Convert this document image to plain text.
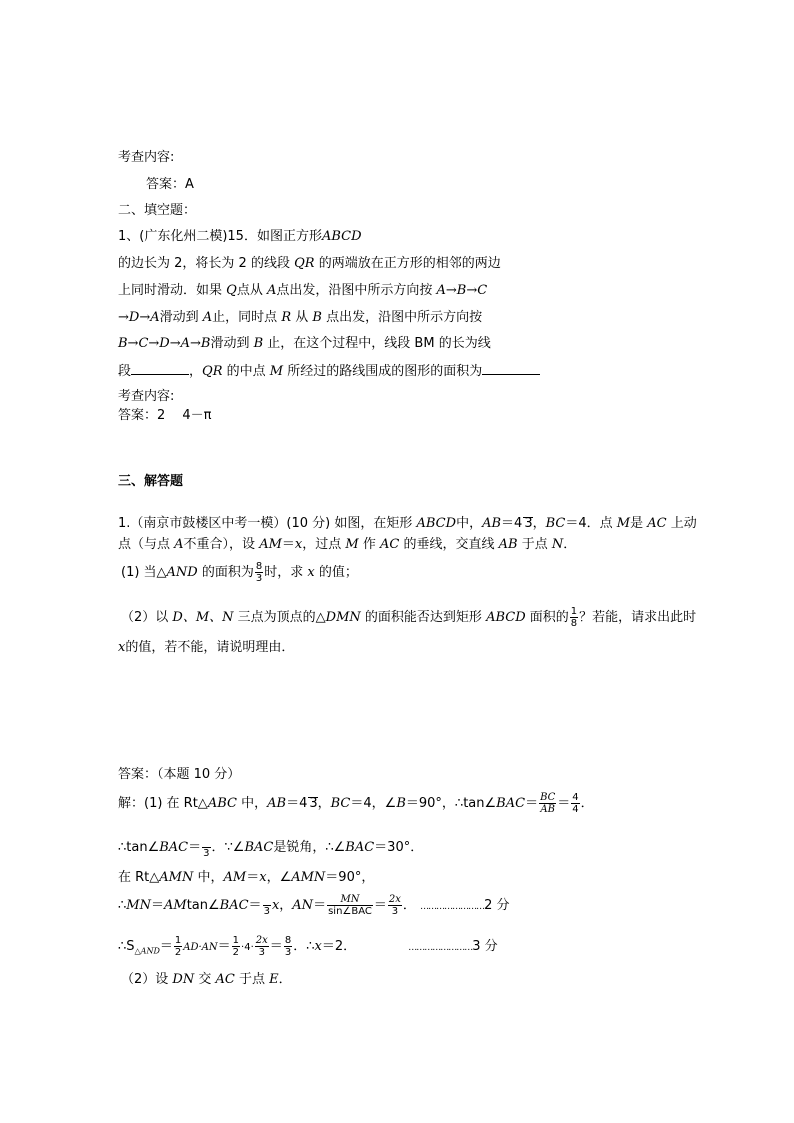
考查内容:
答案：A
二、填空题：
1、(广东化州二模)15．如图正方形ABCD
的边长为 2，将长为 2 的线段 QR 的两端放在正方形的相邻的两边
上同时滑动．如果 Q点从 A点出发，沿图中所示方向按 A→B→C
→D→A滑动到 A止，同时点 R 从 B 点出发，沿图中所示方向按
B→C→D→A→B滑动到 B 止，在这个过程中，线段 BM 的长为线
段	，QR 的中点 M 所经过的路线围成的图形的面积为
考查内容:
答案：2　 4－π
三、解答题
1.（南京市鼓楼区中考一模）(10 分) 如图，在矩形 ABCD中，AB＝4 3，BC＝4．点 M是 AC 上动
点（与点 A不重合），设 AM＝x，过点 M 作 AC 的垂线，交直线 AB 于点 N．
(1) 当△AND 的面积为 $\frac{8}{3}$ 时，求 x 的值；
（2）以 D、M、N 三点为顶点的△DMN 的面积能否达到矩形 ABCD 面积的 $\frac{1}{8}$ ？若能，请求出此时
x的值，若不能，请说明理由．
答案：（本题 10 分）
解：(1) 在 Rt△ABC 中，AB＝4 3，BC＝4，∠B＝90°，∴tan∠BAC＝ $\frac{BC}{AB} = \frac{4}{4}$ ．
∴tan∠BAC＝
3 ．∵∠BAC是锐角，∴∠BAC＝30°．
在 Rt△AMN 中，AM＝x，∠AMN＝90°，
∴MN＝AMtan∠BAC＝
3 x，$AN= \frac{MN}{\text{sin∠BAC}} = \frac{2x}{3}$ ． ……………………2 分
$\therefore S_{\triangle AND}= \frac{1}{2} AD\cdot AN= \frac{1}{2} \cdot 4\cdot \frac{2x}{3} = \frac{8}{3}$ ．∴x＝2．	……………………3 分
（2）设 DN 交 AC 于点 E．
